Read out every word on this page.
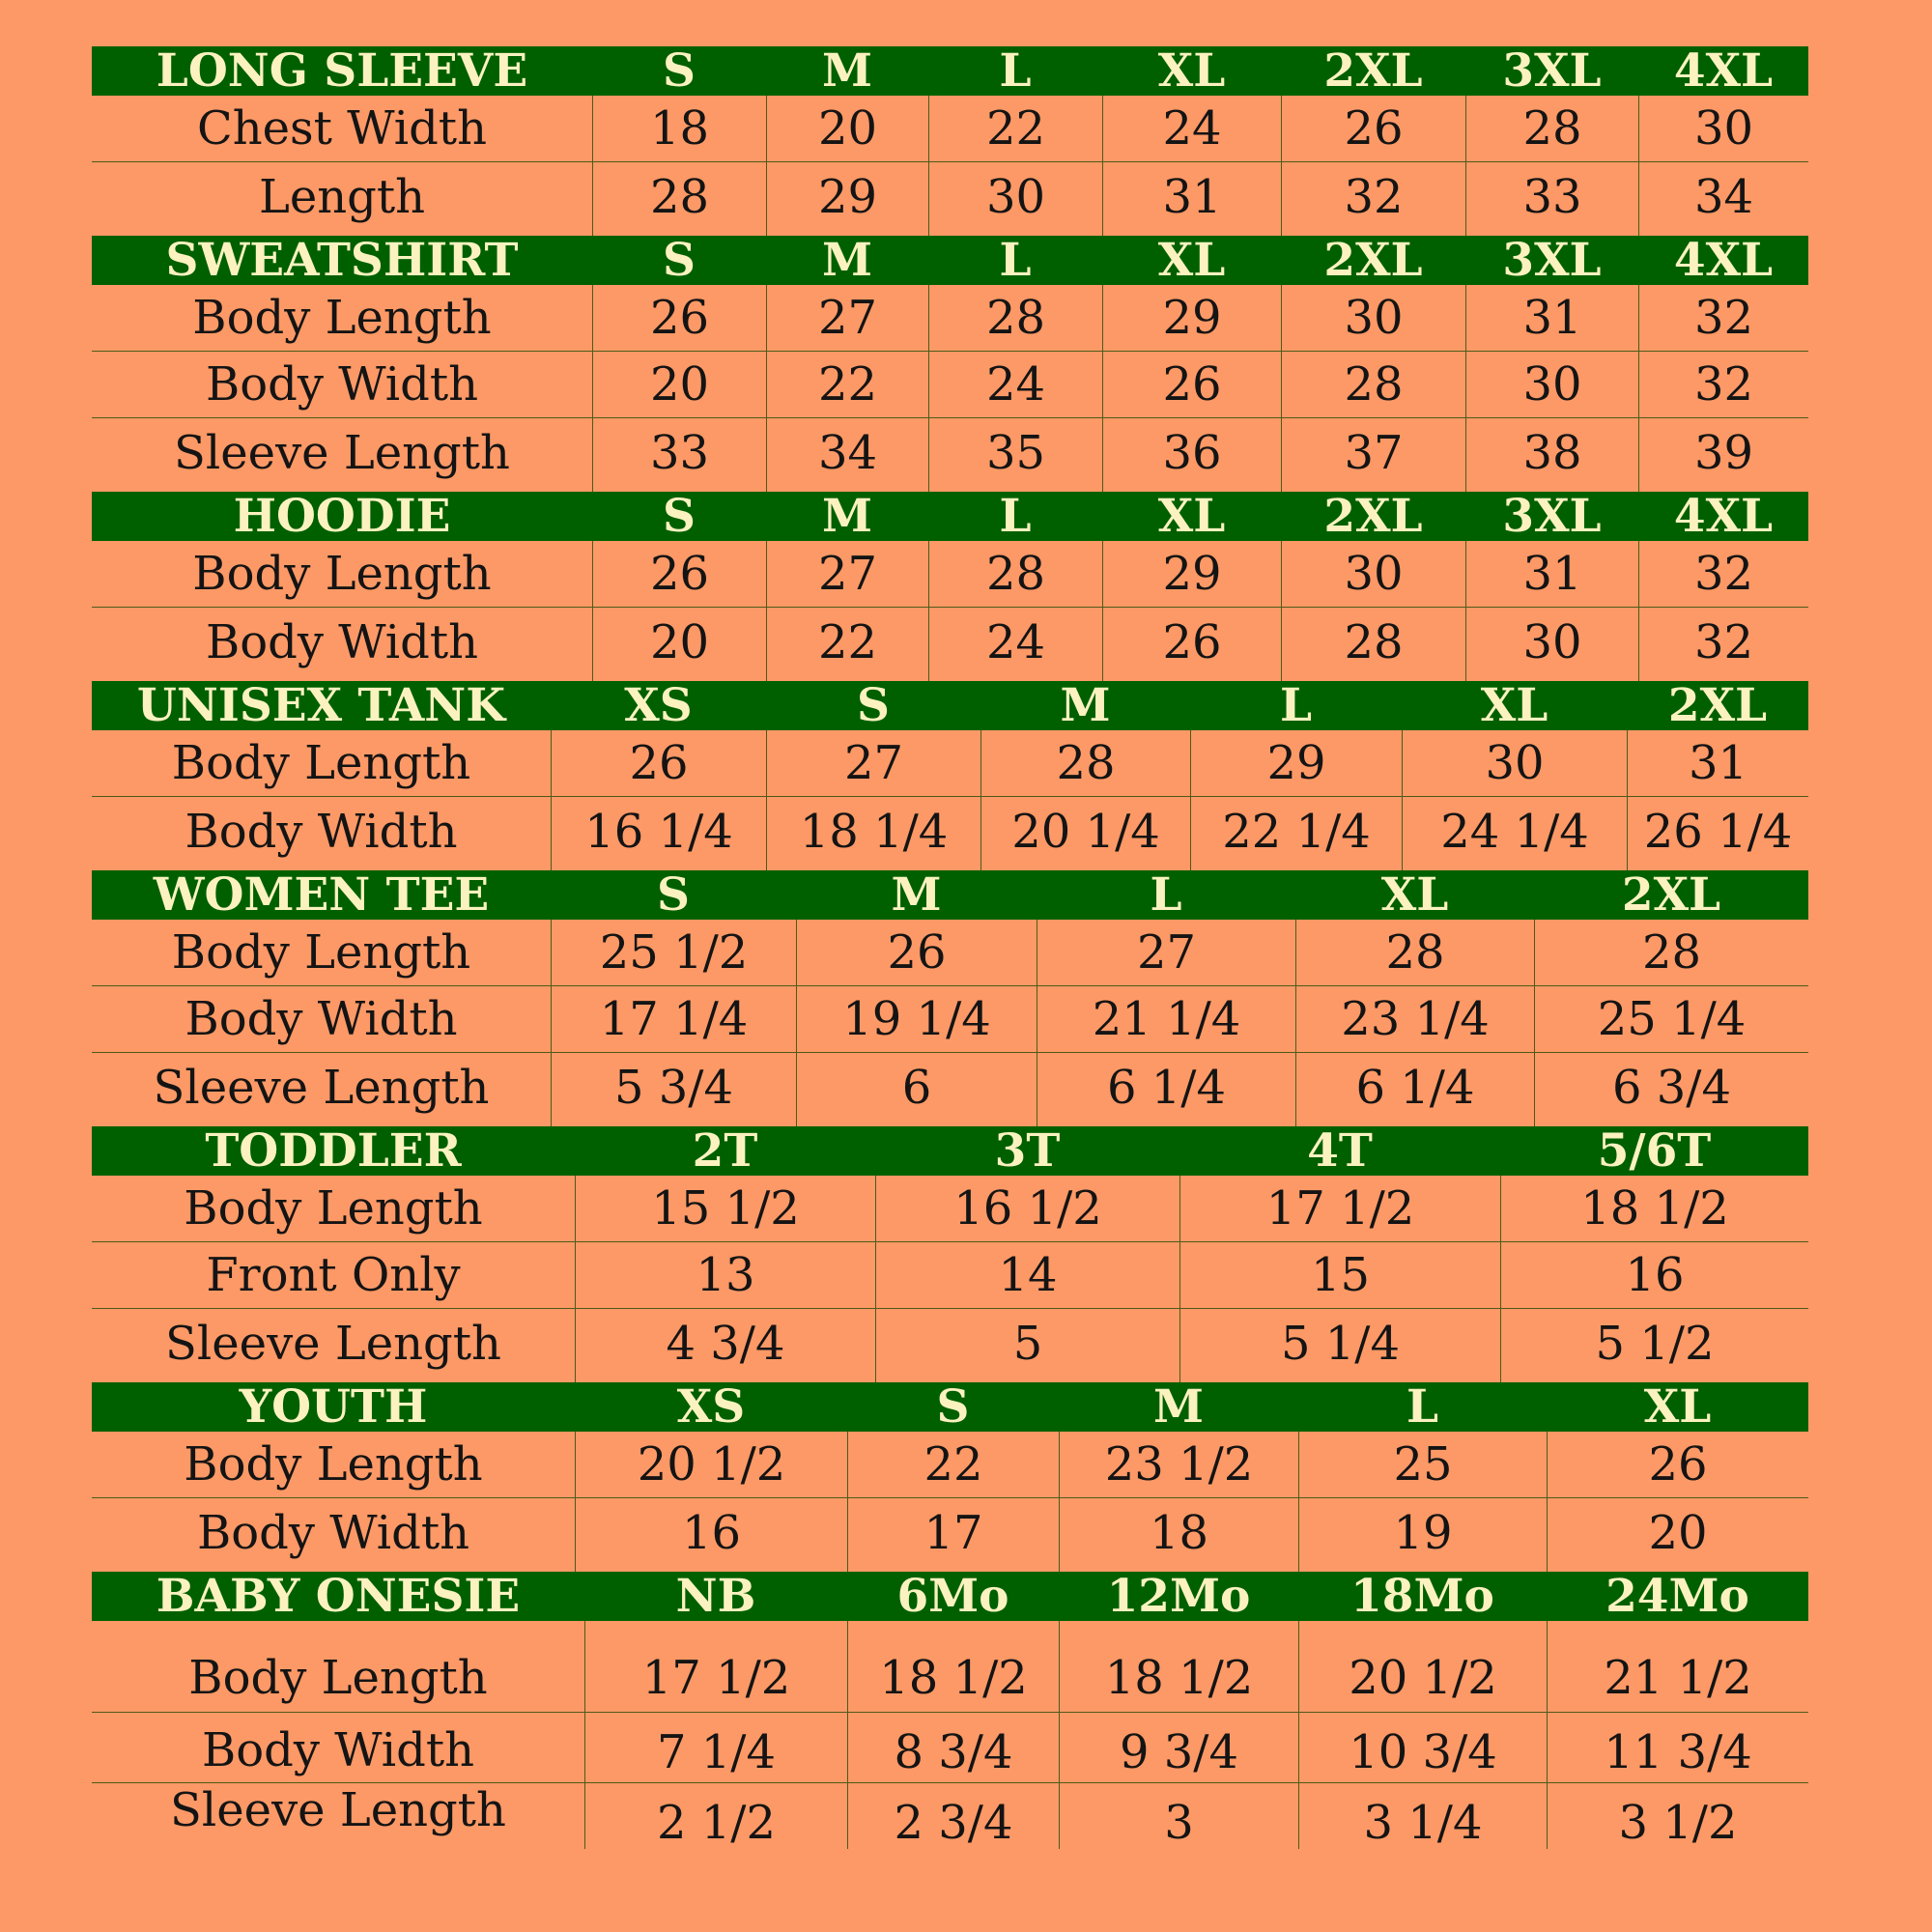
LONG SLEEVE	S	M	L	XL	2XL	3XL	4XL
Chest Width	18	20	22	24	26	28	30
Length	28	29	30	31	32	33	34
SWEATSHIRT	S	M	L	XL	2XL	3XL	4XL
Body Length	26	27	28	29	30	31	32
Body Width	20	22	24	26	28	30	32
Sleeve Length	33	34	35	36	37	38	39
HOODIE	S	M	L	XL	2XL	3XL	4XL
Body Length	26	27	28	29	30	31	32
Body Width	20	22	24	26	28	30	32
UNISEX TANK	XS	S	M	L	XL	2XL
Body Length	26	27	28	29	30	31
Body Width	16 1/4	18 1/4	20 1/4	22 1/4	24 1/4	26 1/4
WOMEN TEE	S	M	L	XL	2XL
Body Length	25 1/2	26	27	28	28
Body Width	17 1/4	19 1/4	21 1/4	23 1/4	25 1/4
Sleeve Length	5 3/4	6	6 1/4	6 1/4	6 3/4
TODDLER	2T	3T	4T	5/6T
Body Length	15 1/2	16 1/2	17 1/2	18 1/2
Front Only	13	14	15	16
Sleeve Length	4 3/4	5	5 1/4	5 1/2
YOUTH	XS	S	M	L	XL
Body Length	20 1/2	22	23 1/2	25	26
Body Width	16	17	18	19	20
BABY ONESIE	NB	6Mo	12Mo	18Mo	24Mo
Body Length	17 1/2	18 1/2	18 1/2	20 1/2	21 1/2
Body Width	7 1/4	8 3/4	9 3/4	10 3/4	11 3/4
Sleeve Length	2 1/2	2 3/4	3	3 1/4	3 1/2
